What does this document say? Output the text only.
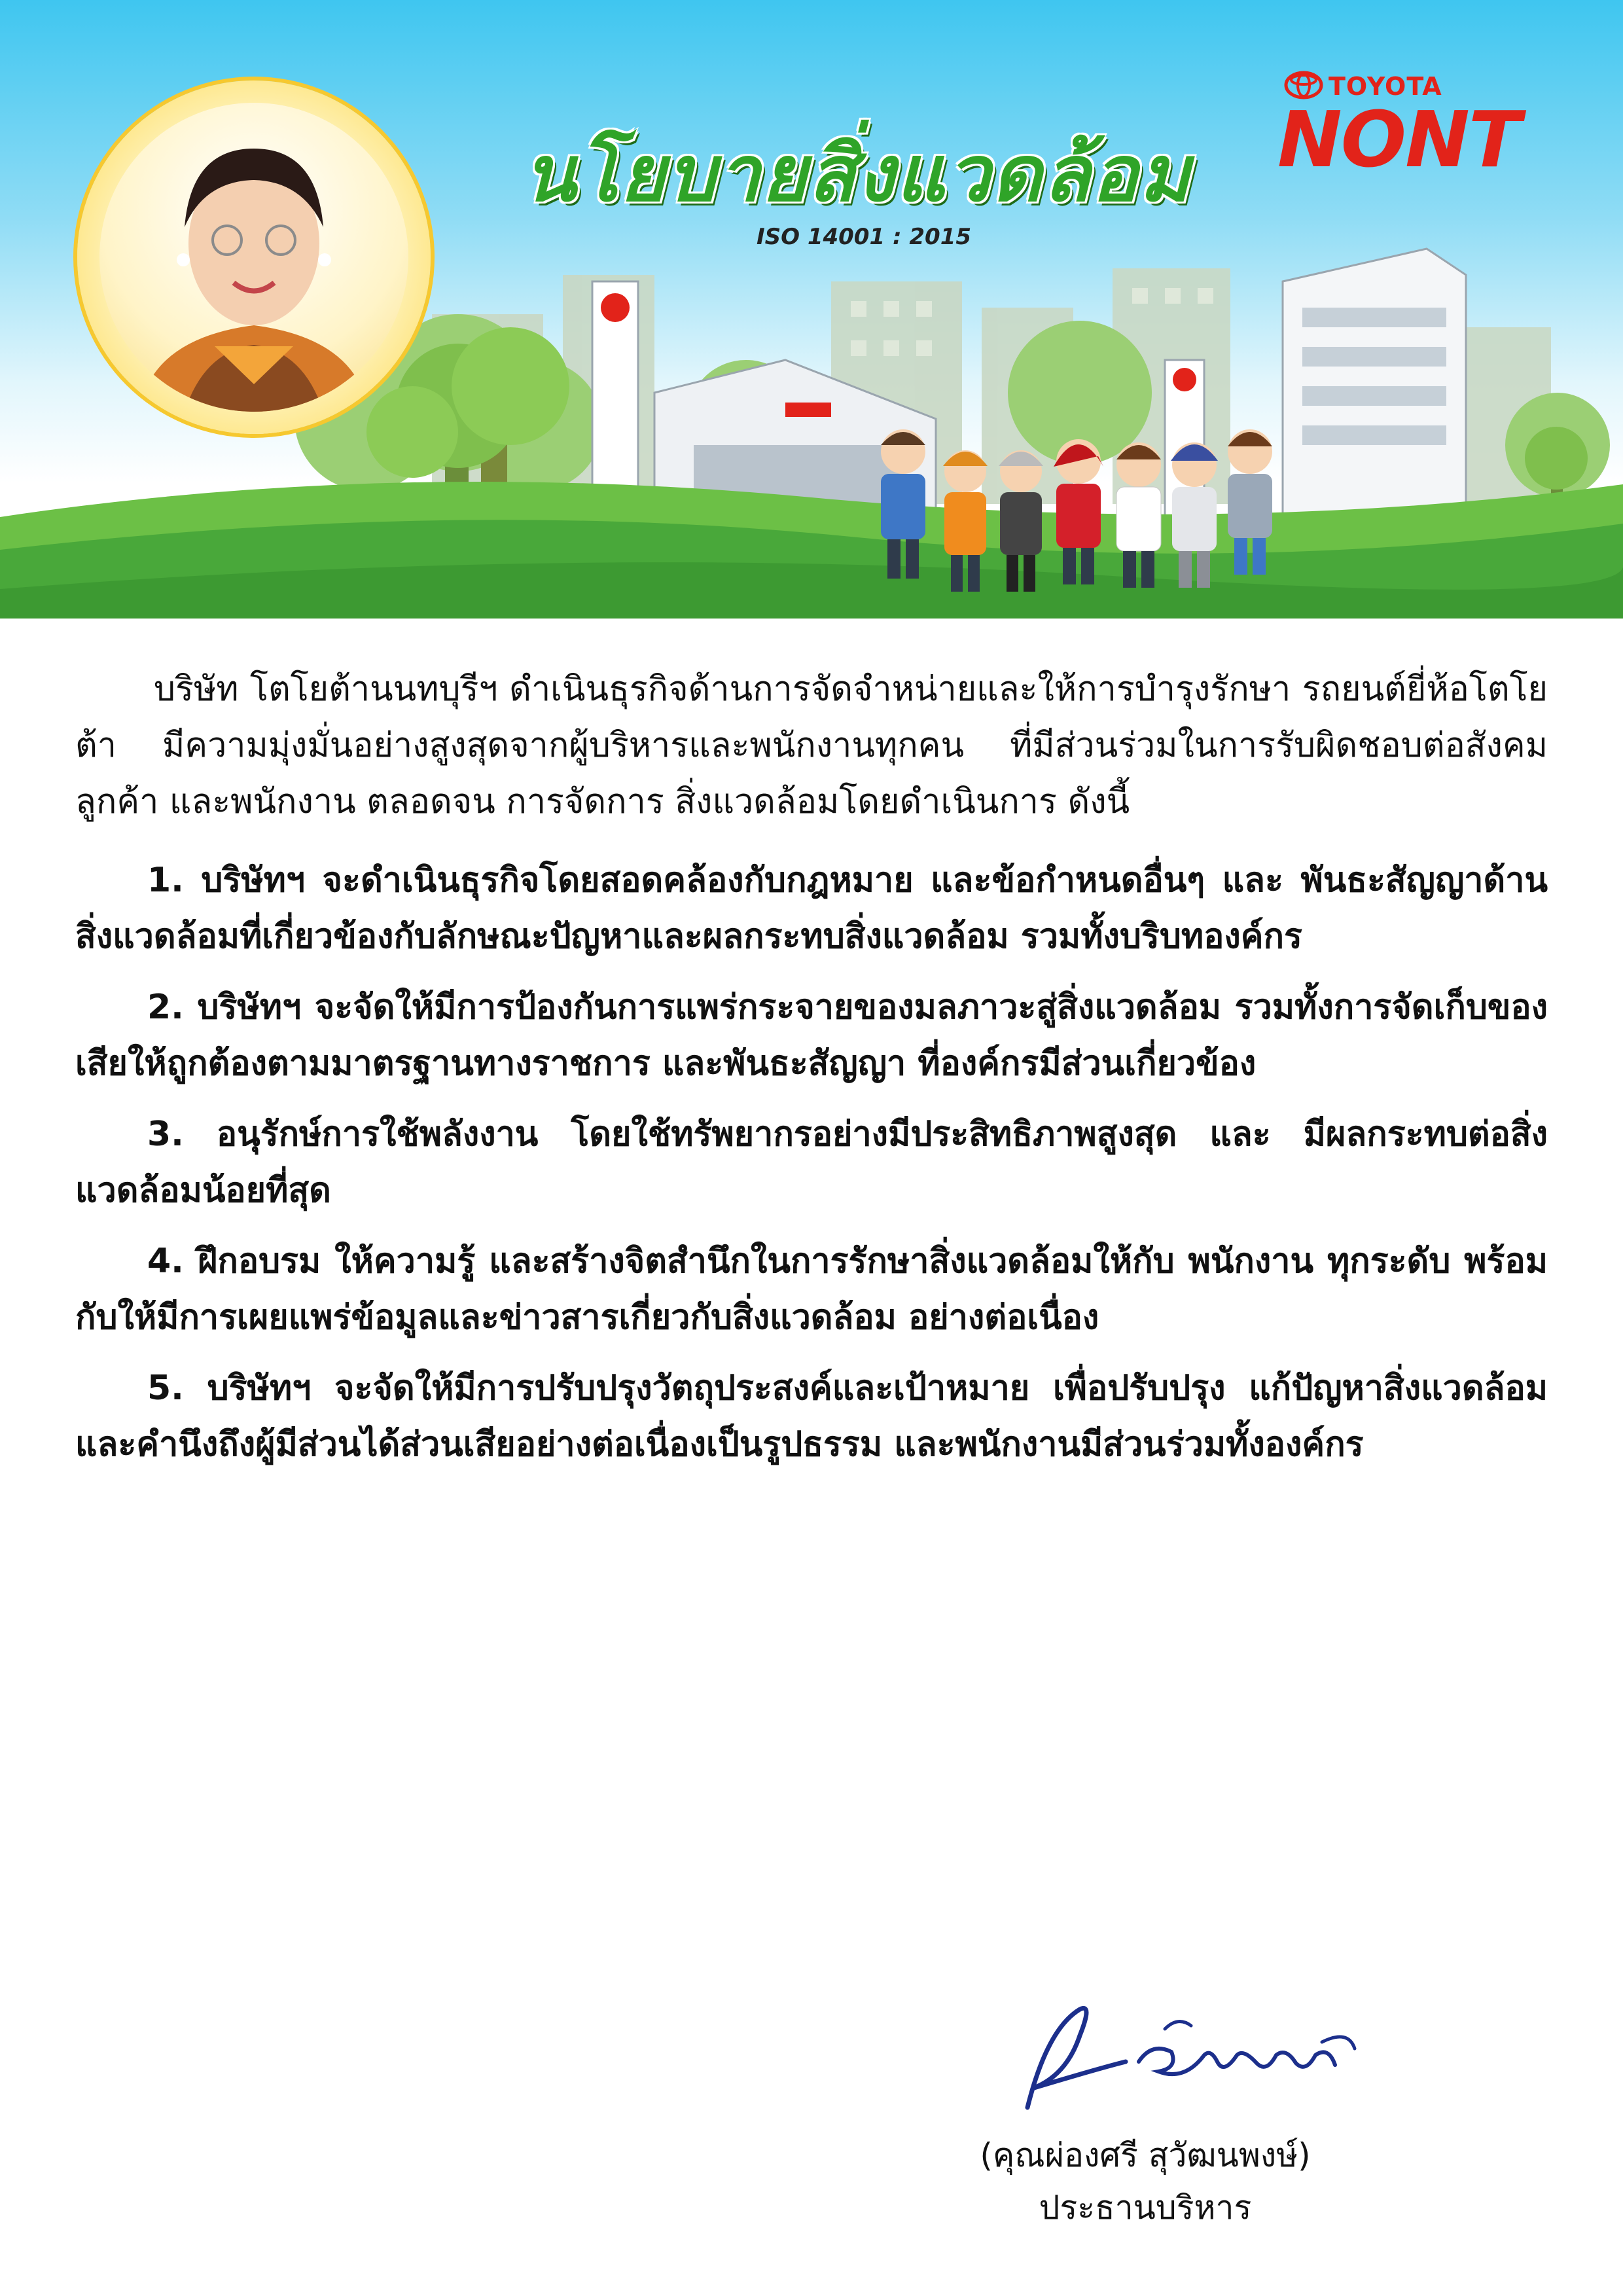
นโยบายสิ่งแวดล้อม
ISO 14001 : 2015
TOYOTA
NONT

บริษัท โตโยต้านนทบุรีฯ ดำเนินธุรกิจด้านการจัดจำหน่ายและให้การบำรุงรักษา รถยนต์ยี่ห้อโตโยต้า มีความมุ่งมั่นอย่างสูงสุดจากผู้บริหารและพนักงานทุกคน ที่มีส่วนร่วมในการรับผิดชอบต่อสังคม ลูกค้า และพนักงาน ตลอดจน การจัดการ สิ่งแวดล้อมโดยดำเนินการ ดังนี้

1. บริษัทฯ จะดำเนินธุรกิจโดยสอดคล้องกับกฎหมาย และข้อกำหนดอื่นๆ และ พันธะสัญญาด้านสิ่งแวดล้อมที่เกี่ยวข้องกับลักษณะปัญหาและผลกระทบสิ่งแวดล้อม รวมทั้งบริบทองค์กร

2. บริษัทฯ จะจัดให้มีการป้องกันการแพร่กระจายของมลภาวะสู่สิ่งแวดล้อม รวมทั้งการจัดเก็บของเสียให้ถูกต้องตามมาตรฐานทางราชการ และพันธะสัญญา ที่องค์กรมีส่วนเกี่ยวข้อง

3. อนุรักษ์การใช้พลังงาน โดยใช้ทรัพยากรอย่างมีประสิทธิภาพสูงสุด และ มีผลกระทบต่อสิ่งแวดล้อมน้อยที่สุด

4. ฝึกอบรม ให้ความรู้ และสร้างจิตสำนึกในการรักษาสิ่งแวดล้อมให้กับ พนักงาน ทุกระดับ พร้อมกับให้มีการเผยแพร่ข้อมูลและข่าวสารเกี่ยวกับสิ่งแวดล้อม อย่างต่อเนื่อง

5. บริษัทฯ จะจัดให้มีการปรับปรุงวัตถุประสงค์และเป้าหมาย เพื่อปรับปรุง แก้ปัญหาสิ่งแวดล้อม และคำนึงถึงผู้มีส่วนได้ส่วนเสียอย่างต่อเนื่องเป็นรูปธรรม และพนักงานมีส่วนร่วมทั้งองค์กร

(คุณผ่องศรี สุวัฒนพงษ์)
ประธานบริหาร
